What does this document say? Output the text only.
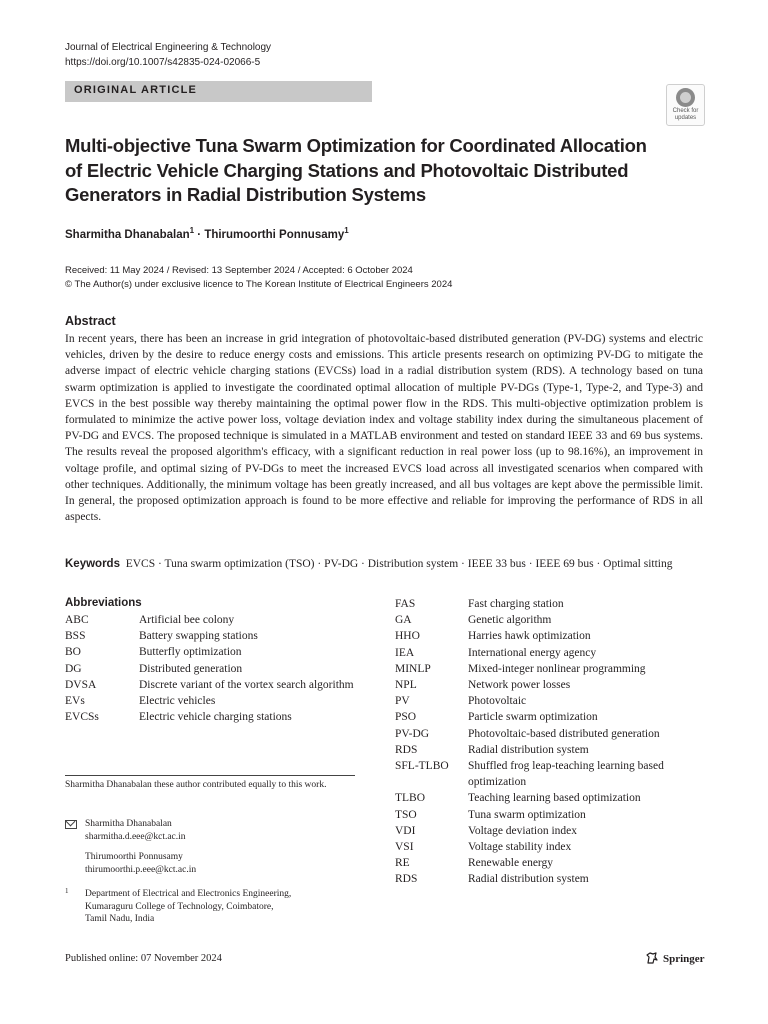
Journal of Electrical Engineering & Technology
https://doi.org/10.1007/s42835-024-02066-5
ORIGINAL ARTICLE
Check for
updates
Multi-objective Tuna Swarm Optimization for Coordinated Allocation
of Electric Vehicle Charging Stations and Photovoltaic Distributed
Generators in Radial Distribution Systems
Sharmitha Dhanabalan$^1$ · Thirumoorthi Ponnusamy$^1$
Received: 11 May 2024 / Revised: 13 September 2024 / Accepted: 6 October 2024
© The Author(s) under exclusive licence to The Korean Institute of Electrical Engineers 2024
Abstract
In recent years, there has been an increase in grid integration of photovoltaic-based distributed generation (PV-DG) systems and electric vehicles, driven by the desire to reduce energy costs and emissions. This article presents research on optimizing PV-DG to mitigate the adverse impact of electric vehicle charging stations (EVCSs) load in a radial distribution system (RDS). A technology based on tuna swarm optimization is applied to investigate the coordinated optimal allocation of multiple PV-DGs (Type-1, Type-2, and Type-3) and EVCS in the best possible way thereby maintaining the optimal power flow in the RDS. This multi-objective optimization problem is formulated to minimize the active power loss, voltage deviation index and voltage stability index during the simultaneous placement of PV-DG and EVCS. The proposed technique is simulated in a MATLAB environment and tested on standard IEEE 33 and 69 bus systems. The results reveal the proposed algorithm's efficacy, with a significant reduction in real power loss (up to 98.16%), an improvement in voltage profile, and optimal sizing of PV-DGs to meet the increased EVCS load across all investigated scenarios when compared with other techniques. Additionally, the minimum voltage has been greatly increased, and all bus voltages are kept above the permissible limit. In general, the proposed optimization approach is found to be more effective and reliable for improving the performance of RDS in all aspects.
Keywords EVCS · Tuna swarm optimization (TSO) · PV-DG · Distribution system · IEEE 33 bus · IEEE 69 bus · Optimal sitting
Abbreviations
ABC	Artificial bee colony
BSS	Battery swapping stations
BO	Butterfly optimization
DG	Distributed generation
DVSA	Discrete variant of the vortex search algorithm
EVs	Electric vehicles
EVCSs	Electric vehicle charging stations
FAS	Fast charging station
GA	Genetic algorithm
HHO	Harries hawk optimization
IEA	International energy agency
MINLP	Mixed-integer nonlinear programming
NPL	Network power losses
PV	Photovoltaic
PSO	Particle swarm optimization
PV-DG	Photovoltaic-based distributed generation
RDS	Radial distribution system
SFL-TLBO	Shuffled frog leap-teaching learning based optimization
TLBO	Teaching learning based optimization
TSO	Tuna swarm optimization
VDI	Voltage deviation index
VSI	Voltage stability index
RE	Renewable energy
RDS	Radial distribution system
Sharmitha Dhanabalan these author contributed equally to this work.
Sharmitha Dhanabalan
sharmitha.d.eee@kct.ac.in
Thirumoorthi Ponnusamy
thirumoorthi.p.eee@kct.ac.in
1 Department of Electrical and Electronics Engineering,
Kumaraguru College of Technology, Coimbatore,
Tamil Nadu, India
Published online: 07 November 2024	Springer
